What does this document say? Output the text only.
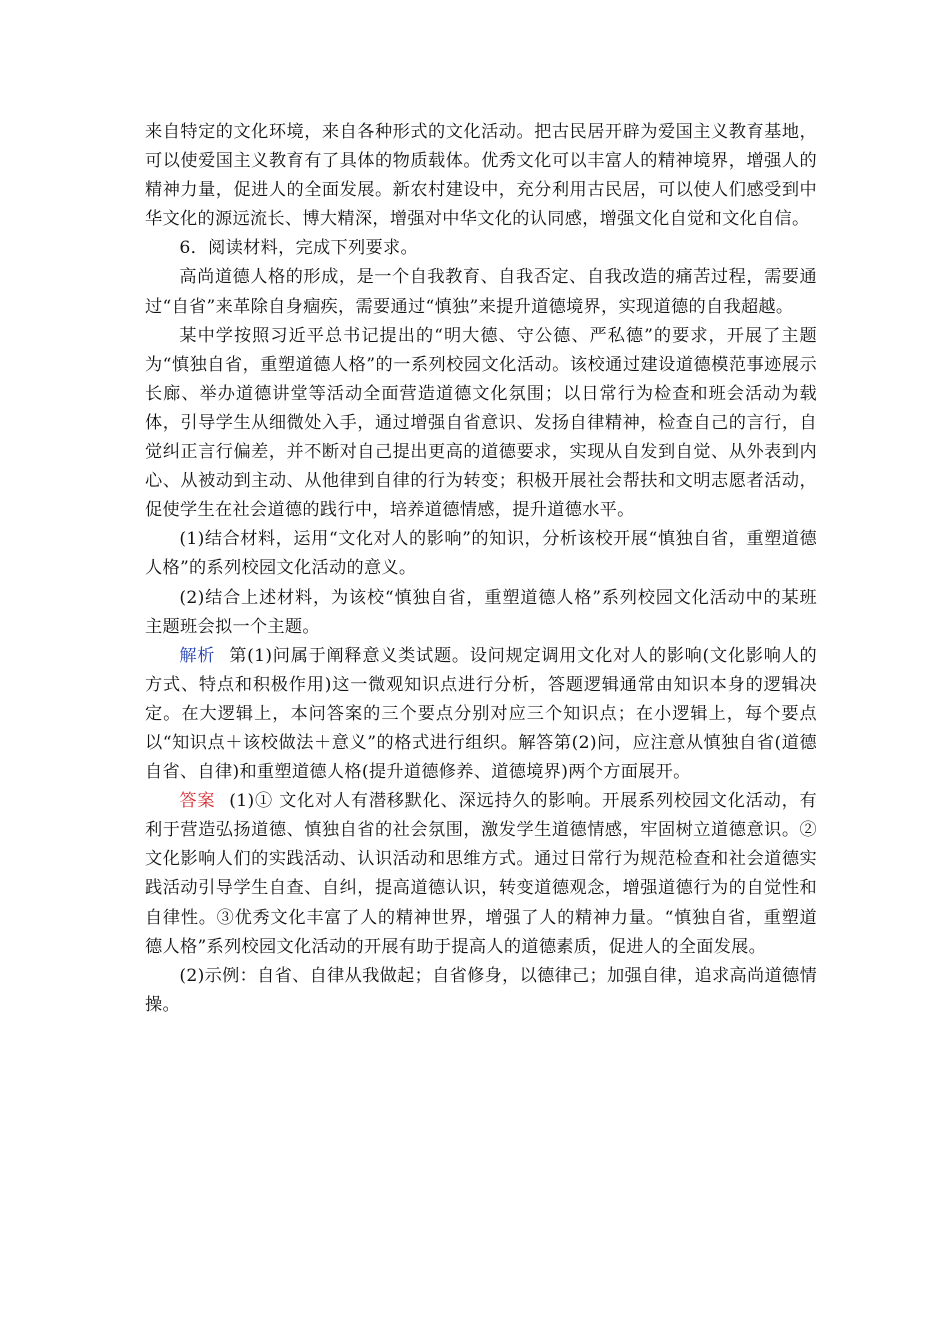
来自特定的文化环境，来自各种形式的文化活动。把古民居开辟为爱国主义教育基地，可以使爱国主义教育有了具体的物质载体。优秀文化可以丰富人的精神境界，增强人的精神力量，促进人的全面发展。新农村建设中，充分利用古民居，可以使人们感受到中华文化的源远流长、博大精深，增强对中华文化的认同感，增强文化自觉和文化自信。

6．阅读材料，完成下列要求。

高尚道德人格的形成，是一个自我教育、自我否定、自我改造的痛苦过程，需要通过“自省”来革除自身痼疾，需要通过“慎独”来提升道德境界，实现道德的自我超越。

某中学按照习近平总书记提出的“明大德、守公德、严私德”的要求，开展了主题为“慎独自省，重塑道德人格”的一系列校园文化活动。该校通过建设道德模范事迹展示长廊、举办道德讲堂等活动全面营造道德文化氛围；以日常行为检查和班会活动为载体，引导学生从细微处入手，通过增强自省意识、发扬自律精神，检查自己的言行，自觉纠正言行偏差，并不断对自己提出更高的道德要求，实现从自发到自觉、从外表到内心、从被动到主动、从他律到自律的行为转变；积极开展社会帮扶和文明志愿者活动，促使学生在社会道德的践行中，培养道德情感，提升道德水平。

(1)结合材料，运用“文化对人的影响”的知识，分析该校开展“慎独自省，重塑道德人格”的系列校园文化活动的意义。

(2)结合上述材料，为该校“慎独自省，重塑道德人格”系列校园文化活动中的某班主题班会拟一个主题。

解析 第(1)问属于阐释意义类试题。设问规定调用文化对人的影响(文化影响人的方式、特点和积极作用)这一微观知识点进行分析，答题逻辑通常由知识本身的逻辑决定。在大逻辑上，本问答案的三个要点分别对应三个知识点；在小逻辑上，每个要点以“知识点＋该校做法＋意义”的格式进行组织。解答第(2)问，应注意从慎独自省(道德自省、自律)和重塑道德人格(提升道德修养、道德境界)两个方面展开。

答案 (1)① 文化对人有潜移默化、深远持久的影响。开展系列校园文化活动，有利于营造弘扬道德、慎独自省的社会氛围，激发学生道德情感，牢固树立道德意识。②文化影响人们的实践活动、认识活动和思维方式。通过日常行为规范检查和社会道德实践活动引导学生自查、自纠，提高道德认识，转变道德观念，增强道德行为的自觉性和自律性。③优秀文化丰富了人的精神世界，增强了人的精神力量。“慎独自省，重塑道德人格”系列校园文化活动的开展有助于提高人的道德素质，促进人的全面发展。

(2)示例：自省、自律从我做起；自省修身，以德律己；加强自律，追求高尚道德情操。
